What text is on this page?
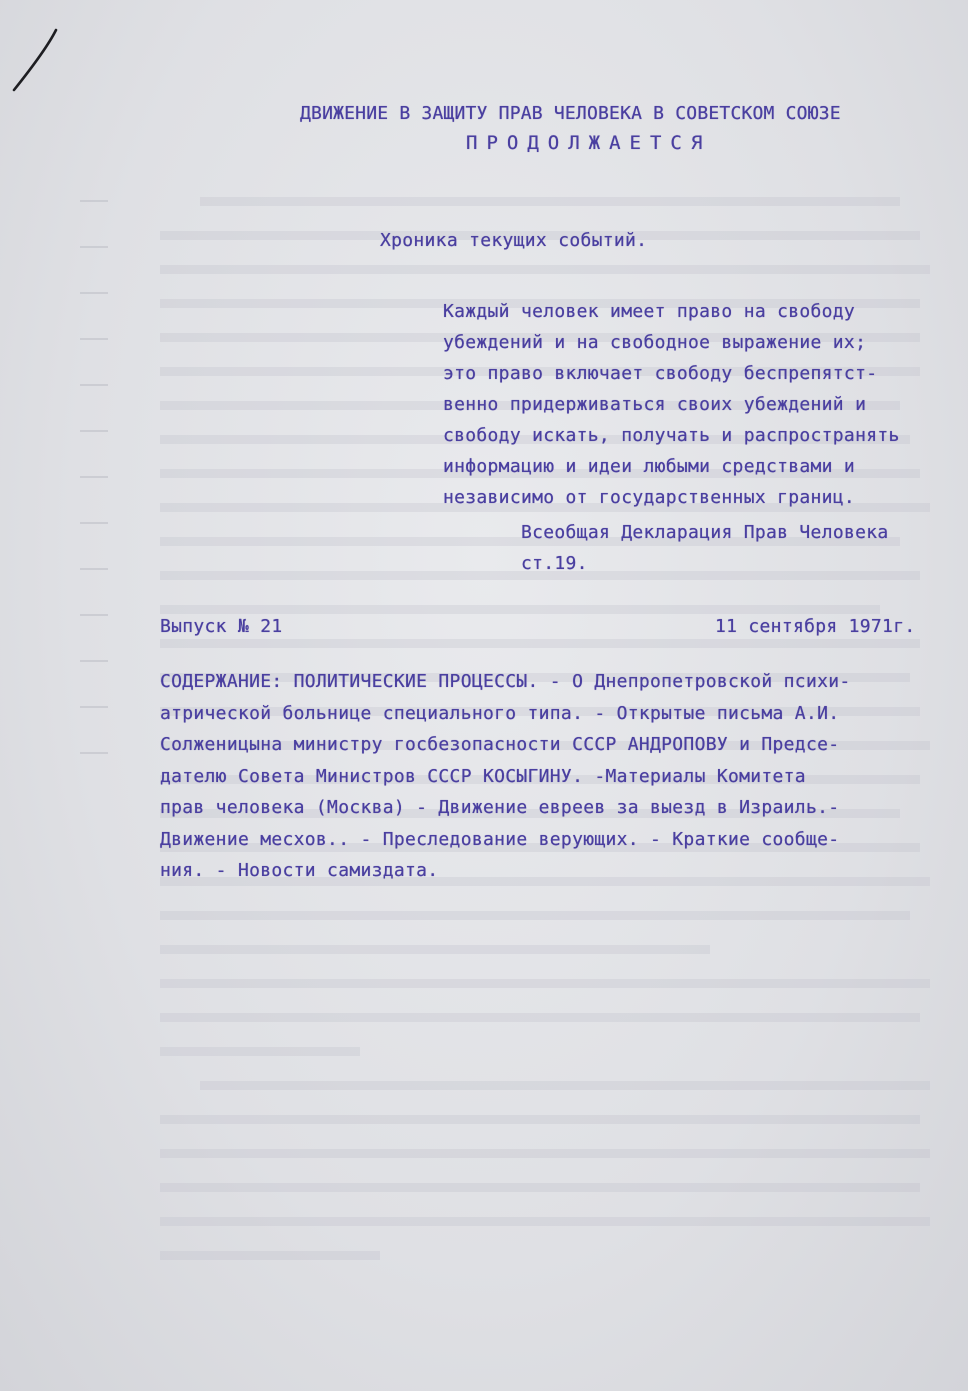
ДВИЖЕНИЕ В ЗАЩИТУ ПРАВ ЧЕЛОВЕКА В СОВЕТСКОМ СОЮЗЕ
ПРОДОЛЖАЕТСЯ
Хроника текущих событий.
Каждый человек имеет право на свободу
убеждений и на свободное выражение их;
это право включает свободу беспрепятст-
венно придерживаться своих убеждений и
свободу искать, получать и распространять
информацию и идеи любыми средствами и
независимо от государственных границ.
Всеобщая Декларация Прав Человека
ст.19.
Выпуск № 21	11 сентября 1971г.
СОДЕРЖАНИЕ: ПОЛИТИЧЕСКИЕ ПРОЦЕССЫ. - О Днепропетровской психи-
атрической больнице специального типа. - Открытые письма А.И.
Солженицына министру госбезопасности СССР АНДРОПОВУ и Предсе-
дателю Совета Министров СССР КОСЫГИНУ. -Материалы Комитета
прав человека (Москва) - Движение евреев за выезд в Израиль.-
Движение месхов.. - Преследование верующих. - Краткие сообще-
ния. - Новости самиздата.
